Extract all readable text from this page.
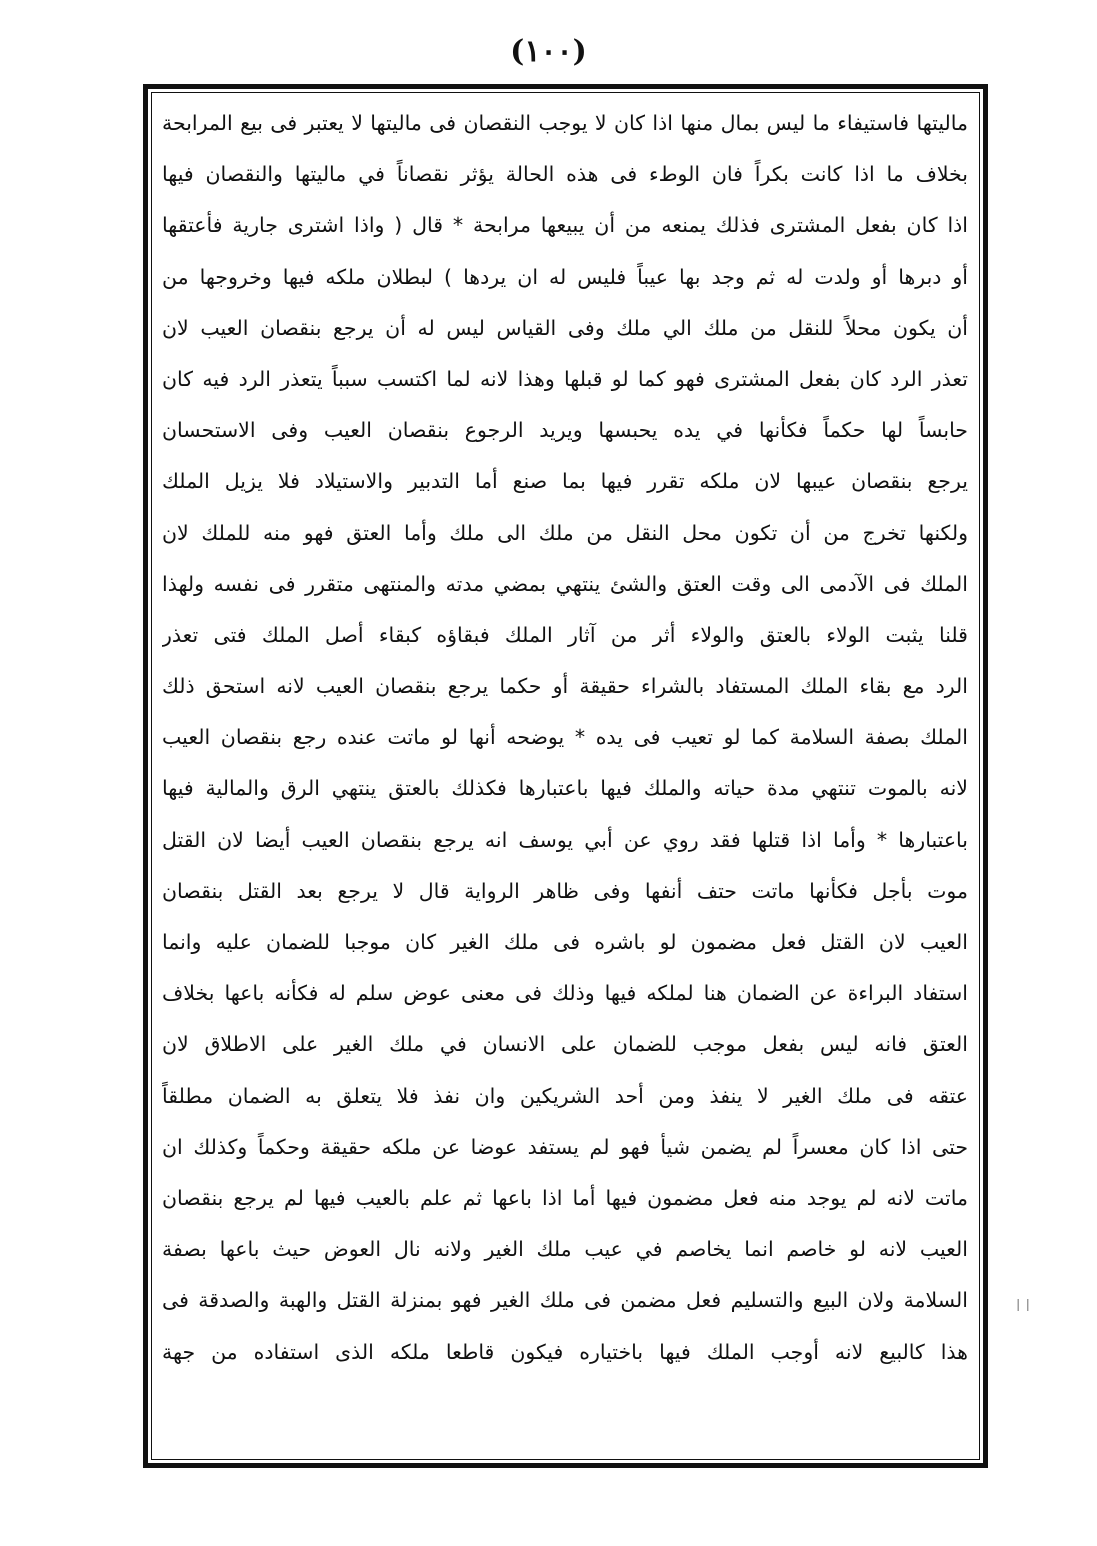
(١٠٠)
ماليتها فاستيفاء ما ليس بمال منها اذا كان لا يوجب النقصان فى ماليتها لا يعتبر فى بيع المرابحة
بخلاف ما اذا كانت بكراً فان الوطء فى هذه الحالة يؤثر نقصاناً في ماليتها والنقصان فيها
اذا كان بفعل المشترى فذلك يمنعه من أن يبيعها مرابحة * قال ( واذا اشترى جارية فأعتقها
أو دبرها أو ولدت له ثم وجد بها عيباً فليس له ان يردها ) لبطلان ملكه فيها وخروجها من
أن يكون محلاً للنقل من ملك الي ملك وفى القياس ليس له أن يرجع بنقصان العيب لان
تعذر الرد كان بفعل المشترى فهو كما لو قبلها وهذا لانه لما اكتسب سبباً يتعذر الرد فيه كان
حابساً لها حكماً فكأنها في يده يحبسها ويريد الرجوع بنقصان العيب وفى الاستحسان
يرجع بنقصان عيبها لان ملكه تقرر فيها بما صنع أما التدبير والاستيلاد فلا يزيل الملك
ولكنها تخرج من أن تكون محل النقل من ملك الى ملك وأما العتق فهو منه للملك لان
الملك فى الآدمى الى وقت العتق والشئ ينتهي بمضي مدته والمنتهى متقرر فى نفسه ولهذا
قلنا يثبت الولاء بالعتق والولاء أثر من آثار الملك فبقاؤه كبقاء أصل الملك فتى تعذر
الرد مع بقاء الملك المستفاد بالشراء حقيقة أو حكما يرجع بنقصان العيب لانه استحق ذلك
الملك بصفة السلامة كما لو تعيب فى يده * يوضحه أنها لو ماتت عنده رجع بنقصان العيب
لانه بالموت تنتهي مدة حياته والملك فيها باعتبارها فكذلك بالعتق ينتهي الرق والمالية فيها
باعتبارها * وأما اذا قتلها فقد روي عن أبي يوسف انه يرجع بنقصان العيب أيضا لان القتل
موت بأجل فكأنها ماتت حتف أنفها وفى ظاهر الرواية قال لا يرجع بعد القتل بنقصان
العيب لان القتل فعل مضمون لو باشره فى ملك الغير كان موجبا للضمان عليه وانما
استفاد البراءة عن الضمان هنا لملكه فيها وذلك فى معنى عوض سلم له فكأنه باعها بخلاف
العتق فانه ليس بفعل موجب للضمان على الانسان في ملك الغير على الاطلاق لان
عتقه فى ملك الغير لا ينفذ ومن أحد الشريكين وان نفذ فلا يتعلق به الضمان مطلقاً
حتى اذا كان معسراً لم يضمن شيأ فهو لم يستفد عوضا عن ملكه حقيقة وحكماً وكذلك ان
ماتت لانه لم يوجد منه فعل مضمون فيها أما اذا باعها ثم علم بالعيب فيها لم يرجع بنقصان
العيب لانه لو خاصم انما يخاصم في عيب ملك الغير ولانه نال العوض حيث باعها بصفة
السلامة ولان البيع والتسليم فعل مضمن فى ملك الغير فهو بمنزلة القتل والهبة والصدقة فى
هذا كالبيع لانه أوجب الملك فيها باختياره فيكون قاطعا ملكه الذى استفاده من جهة
ا ا
